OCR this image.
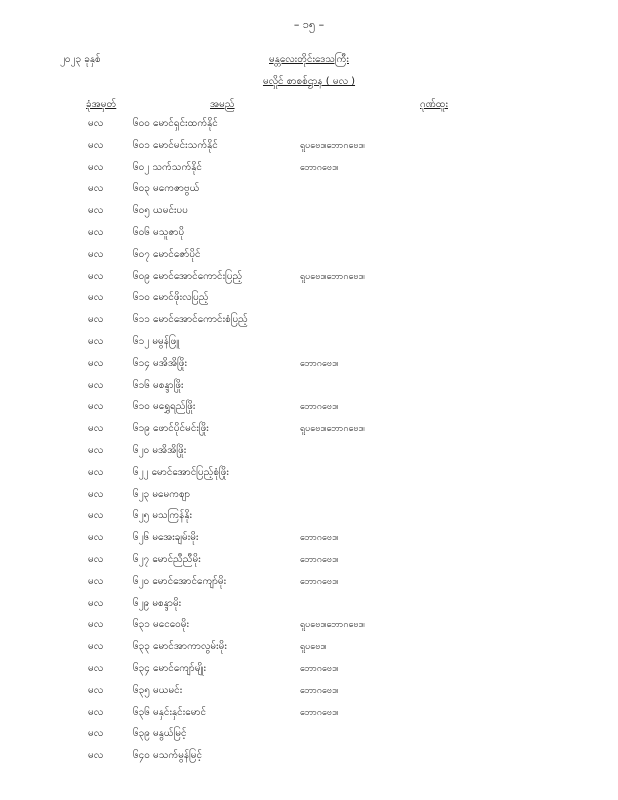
– ၁၅ –
၂၀၂၃ ခုနှစ်	မန္တလေးတိုင်းဒေသကြီး
မလှိုင် စာစစ်ဌာန ( မလ )
ခုံအမှတ်	အမည်	ဂုဏ်ထူး
မလ	၆၀၀ မောင်ရှင်းထက်နိုင်
မလ	၆၀၁ မောင်မင်းသက်နိုင်	ရူပဗေဒ၊ဘောဂဗေဒ၊
မလ	၆၀၂ သက်သက်နိုင်	ဘောဂဗေဒ၊
မလ	၆၀၃ မကေဇာဗွယ်
မလ	၆၀၅ ယမင်းပပ
မလ	၆၀၆ မသူဇာပို
မလ	၆၀၇ မောင်ဇော်ပိုင်
မလ	၆၀၉ မောင်အောင်ကောင်းပြည့်	ရူပဗေဒ၊ဘောဂဗေဒ၊
မလ	၆၁၀ မောင်ဖိုးလပြည့်
မလ	၆၁၁ မောင်အောင်ကောင်းစံပြည့်
မလ	၆၁၂ မမွန်ဖြူ
မလ	၆၁၄ မအိအိဖြိုး	ဘောဂဗေဒ၊
မလ	၆၁၆ မစန္ဒာဖြိုး
မလ	၆၁၀ မရွှေရည်ဖြိုး	ဘောဂဗေဒ၊
မလ	၆၁၉ ဖောင်ပိုင်မင်းဖြိုး	ရူပဗေဒ၊ဘောဂဗေဒ၊
မလ	၆၂၀ မအိအိဖြိုး
မလ	၆၂၂ မောင်အောင်ပြည့်စုံဖြိုး
မလ	၆၂၃ မမေကဈာ
မလ	၆၂၅ မသကြန်နိုး
မလ	၆၂၆ မအေးချမ်းမိုး	ဘောဂဗေဒ၊
မလ	၆၂၇ မောင်ညီညီမိုး	ဘောဂဗေဒ၊
မလ	၆၂၀ မောင်အောင်ကျော်မိုး	ဘောဂဗေဒ၊
မလ	၆၂၉ မစန္ဒာမိုး
မလ	၆၃၁ မငေဝေမိုး	ရူပဗေဒ၊ဘောဂဗေဒ၊
မလ	၆၃၃ မောင်အာကာလွမ်းမိုး	ရူပဗေဒ၊
မလ	၆၃၄ မောင်ကျော်မျိုး	ဘောဂဗေဒ၊
မလ	၆၃၅ မယမင်း	ဘောဂဗေဒ၊
မလ	၆၃၆ မနှင်းနှင်းမောင်	ဘောဂဗေဒ၊
မလ	၆၃၉ မနွယ်မြင့်
မလ	၆၄၀ မသက်မွန်မြင့်
